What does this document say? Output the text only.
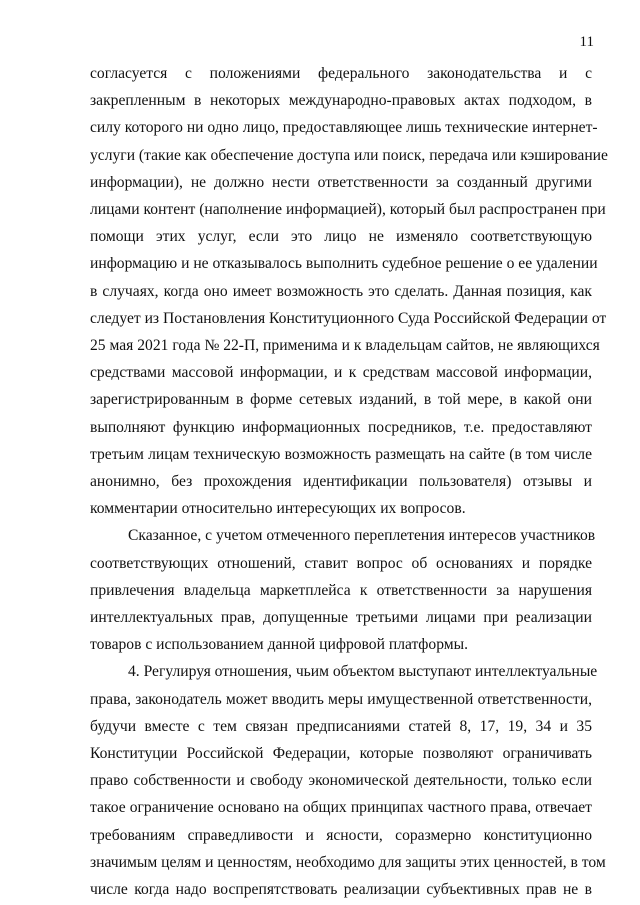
11

согласуется с положениями федерального законодательства и с

закрепленным в некоторых международно-правовых актах подходом, в

силу которого ни одно лицо, предоставляющее лишь технические интернет-

услуги (такие как обеспечение доступа или поиск, передача или кэширование

информации), не должно нести ответственности за созданный другими

лицами контент (наполнение информацией), который был распространен при

помощи этих услуг, если это лицо не изменяло соответствующую

информацию и не отказывалось выполнить судебное решение о ее удалении

в случаях, когда оно имеет возможность это сделать. Данная позиция, как

следует из Постановления Конституционного Суда Российской Федерации от

25 мая 2021 года № 22-П, применима и к владельцам сайтов, не являющихся

средствами массовой информации, и к средствам массовой информации,

зарегистрированным в форме сетевых изданий, в той мере, в какой они

выполняют функцию информационных посредников, т.е. предоставляют

третьим лицам техническую возможность размещать на сайте (в том числе

анонимно, без прохождения идентификации пользователя) отзывы и

комментарии относительно интересующих их вопросов.

Сказанное, с учетом отмеченного переплетения интересов участников

соответствующих отношений, ставит вопрос об основаниях и порядке

привлечения владельца маркетплейса к ответственности за нарушения

интеллектуальных прав, допущенные третьими лицами при реализации

товаров с использованием данной цифровой платформы.

4. Регулируя отношения, чьим объектом выступают интеллектуальные

права, законодатель может вводить меры имущественной ответственности,

будучи вместе с тем связан предписаниями статей 8, 17, 19, 34 и 35

Конституции Российской Федерации, которые позволяют ограничивать

право собственности и свободу экономической деятельности, только если

такое ограничение основано на общих принципах частного права, отвечает

требованиям справедливости и ясности, соразмерно конституционно

значимым целям и ценностям, необходимо для защиты этих ценностей, в том

числе когда надо воспрепятствовать реализации субъективных прав не в
